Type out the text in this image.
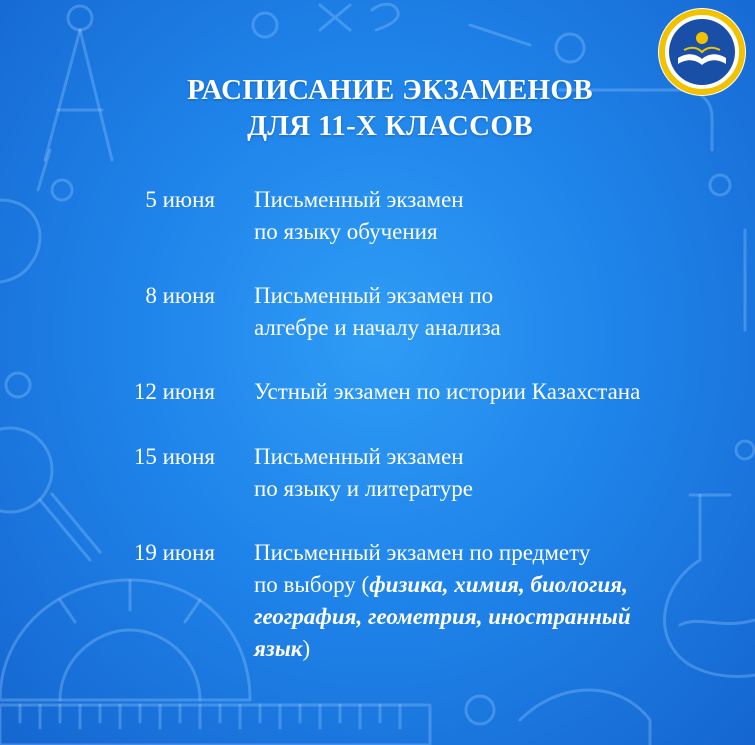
РАСПИСАНИЕ ЭКЗАМЕНОВ
ДЛЯ 11-Х КЛАССОВ
5 июня Письменный экзамен
по языку обучения
8 июня Письменный экзамен по
алгебре и началу анализа
12 июня Устный экзамен по истории Казахстана
15 июня Письменный экзамен
по языку и литературе
19 июня Письменный экзамен по предмету
по выбору (физика, химия, биология,
география, геометрия, иностранный
язык)
